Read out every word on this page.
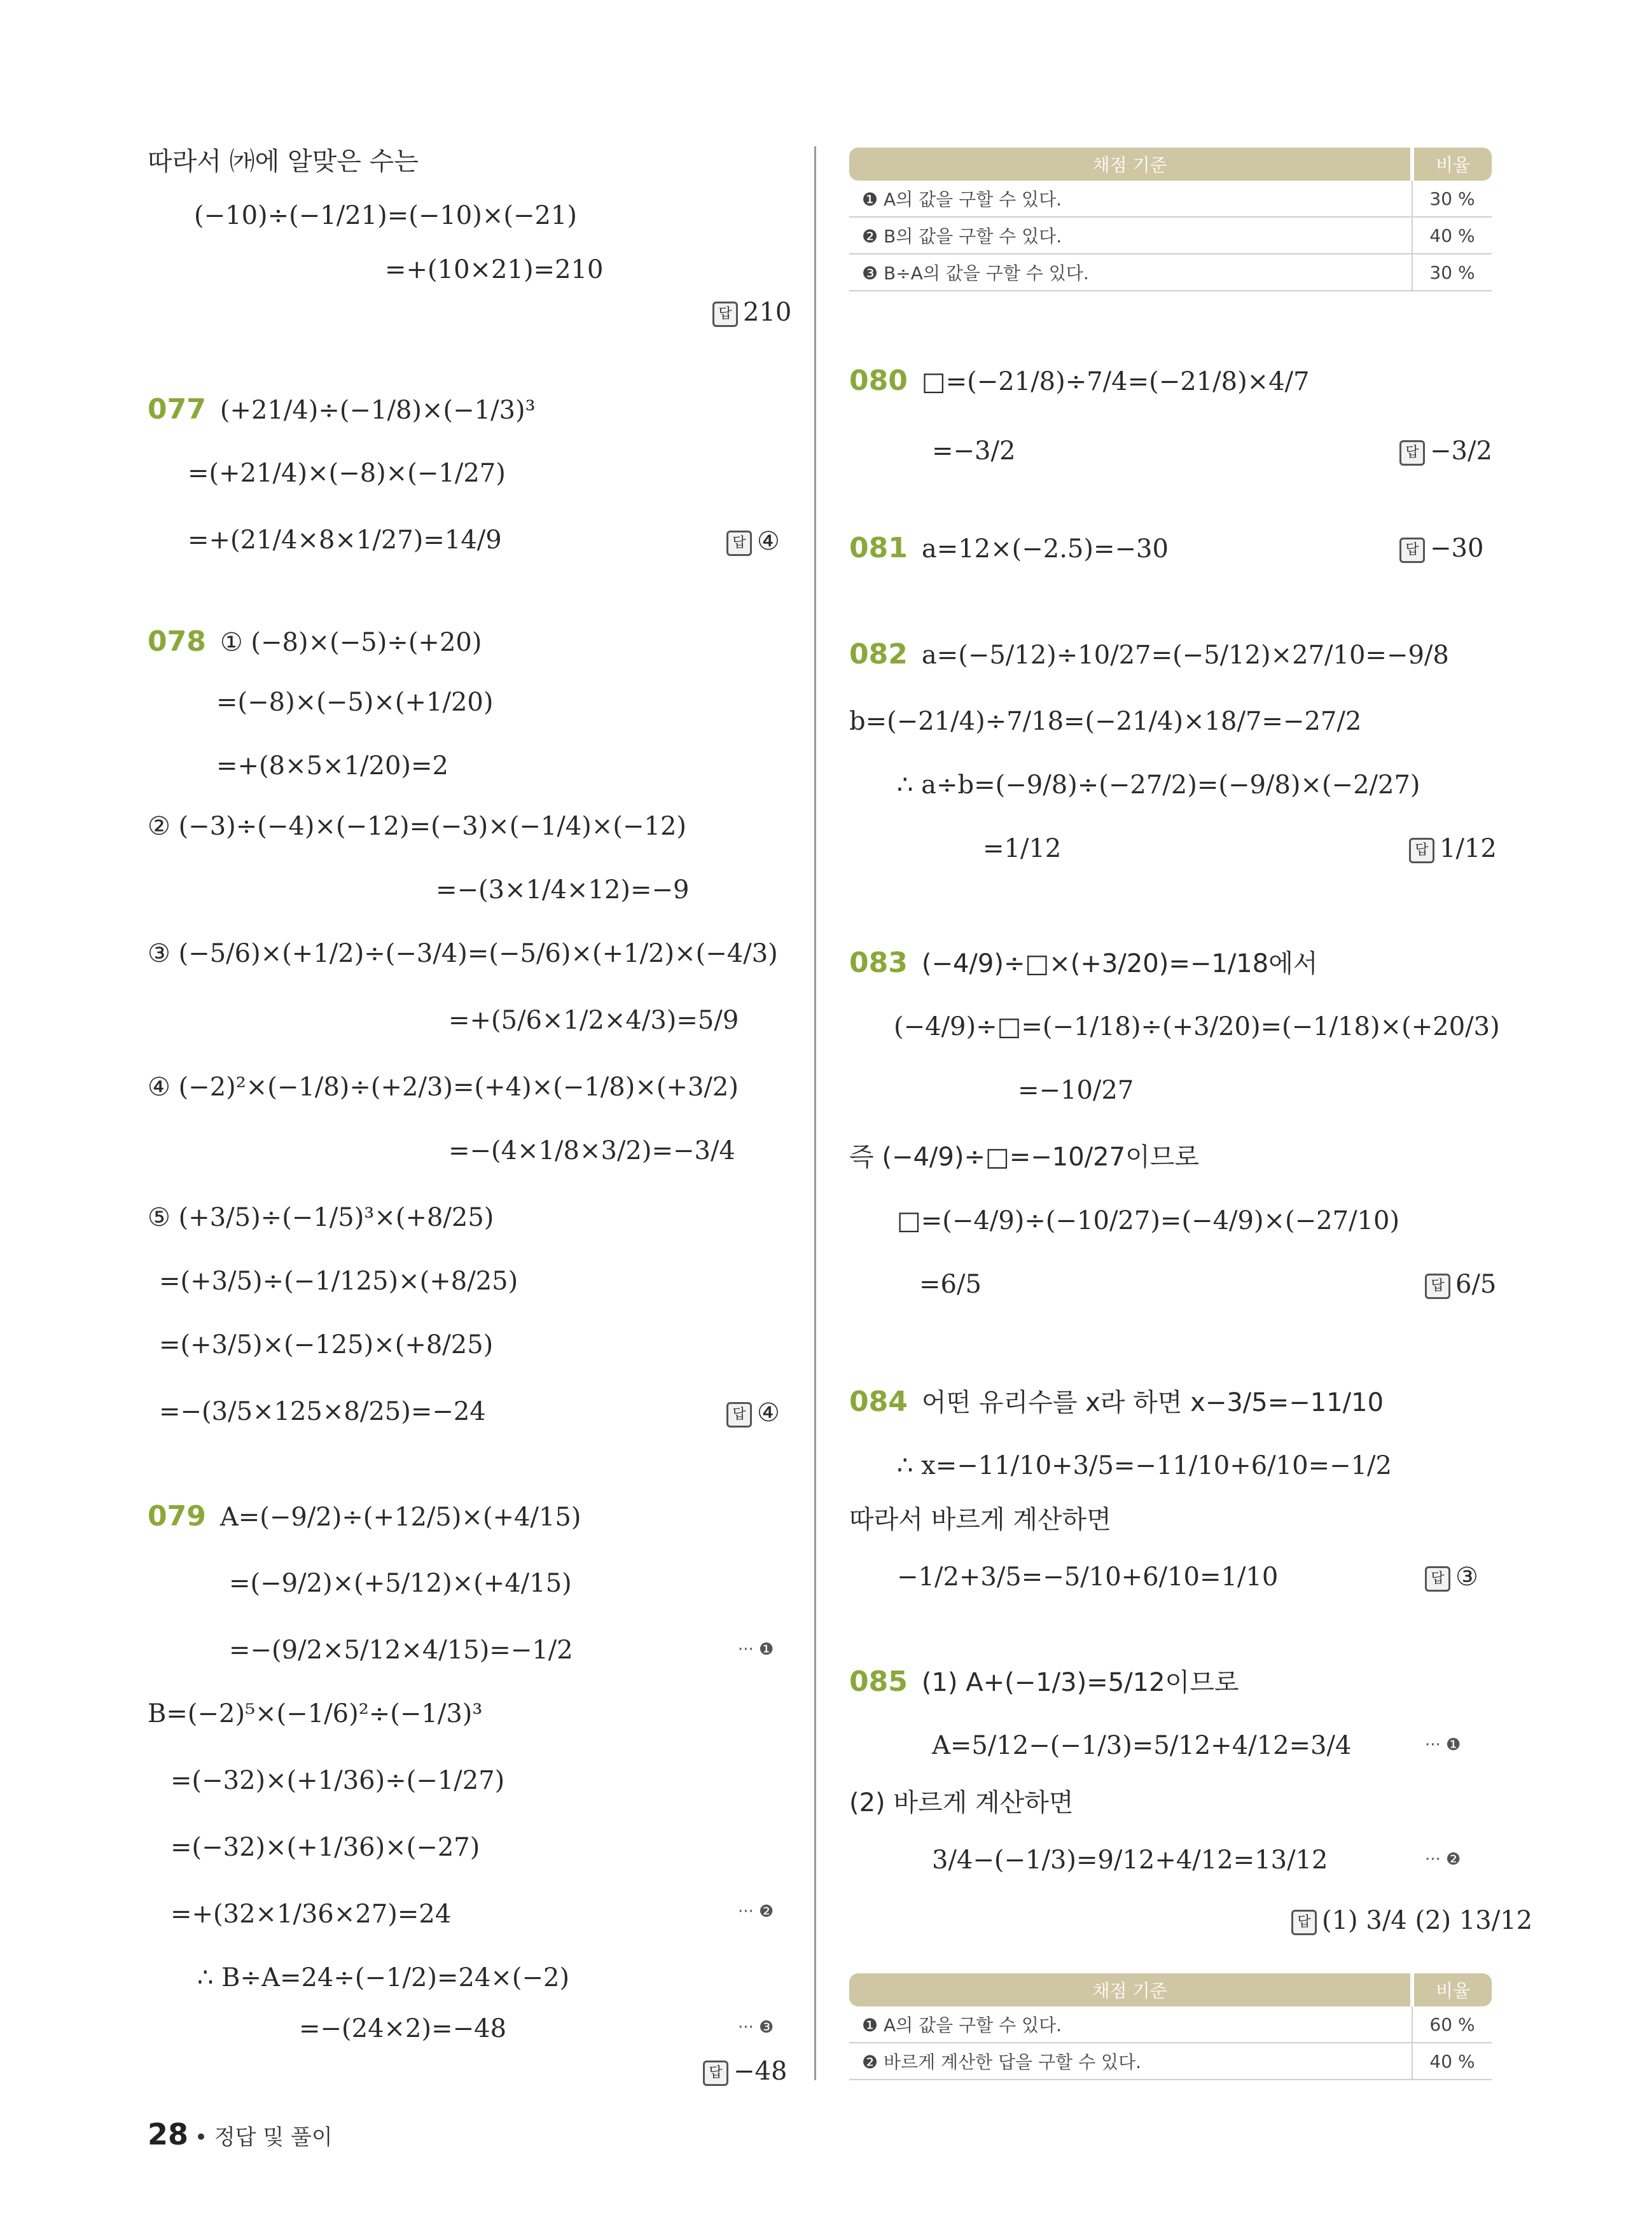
따라서 ㈎에 알맞은 수는
(−10)÷(−1/21)=(−10)×(−21)
=+(10×21)=210
답 210
077 (+21/4)÷(−1/8)×(−1/3)³
=(+21/4)×(−8)×(−1/27)
=+(21/4×8×1/27)=14/9	답 ④
078 ① (−8)×(−5)÷(+20)
=(−8)×(−5)×(+1/20)
=+(8×5×1/20)=2
② (−3)÷(−4)×(−12)=(−3)×(−1/4)×(−12)
=−(3×1/4×12)=−9
③ (−5/6)×(+1/2)÷(−3/4)=(−5/6)×(+1/2)×(−4/3)
=+(5/6×1/2×4/3)=5/9
④ (−2)²×(−1/8)÷(+2/3)=(+4)×(−1/8)×(+3/2)
=−(4×1/8×3/2)=−3/4
⑤ (+3/5)÷(−1/5)³×(+8/25)
=(+3/5)÷(−1/125)×(+8/25)
=(+3/5)×(−125)×(+8/25)
=−(3/5×125×8/25)=−24	답 ④
079 A=(−9/2)÷(+12/5)×(+4/15)
=(−9/2)×(+5/12)×(+4/15)
=−(9/2×5/12×4/15)=−1/2	··· ❶
B=(−2)⁵×(−1/6)²÷(−1/3)³
=(−32)×(+1/36)÷(−1/27)
=(−32)×(+1/36)×(−27)
=+(32×1/36×27)=24	··· ❷
∴ B÷A=24÷(−1/2)=24×(−2)
=−(24×2)=−48	··· ❸
답 −48
채점 기준	비율
❶ A의 값을 구할 수 있다.	30 %
❷ B의 값을 구할 수 있다.	40 %
❸ B÷A의 값을 구할 수 있다.	30 %
080 □=(−21/8)÷7/4=(−21/8)×4/7
=−3/2	답 −3/2
081 a=12×(−2.5)=−30	답 −30
082 a=(−5/12)÷10/27=(−5/12)×27/10=−9/8
b=(−21/4)÷7/18=(−21/4)×18/7=−27/2
∴ a÷b=(−9/8)÷(−27/2)=(−9/8)×(−2/27)
=1/12	답 1/12
083 (−4/9)÷□×(+3/20)=−1/18에서
(−4/9)÷□=(−1/18)÷(+3/20)=(−1/18)×(+20/3)
=−10/27
즉 (−4/9)÷□=−10/27이므로
□=(−4/9)÷(−10/27)=(−4/9)×(−27/10)
=6/5	답 6/5
084 어떤 유리수를 x라 하면 x−3/5=−11/10
∴ x=−11/10+3/5=−11/10+6/10=−1/2
따라서 바르게 계산하면
−1/2+3/5=−5/10+6/10=1/10	답 ③
085 (1) A+(−1/3)=5/12이므로
A=5/12−(−1/3)=5/12+4/12=3/4	··· ❶
(2) 바르게 계산하면
3/4−(−1/3)=9/12+4/12=13/12	··· ❷
답 (1) 3/4 (2) 13/12
채점 기준	비율
❶ A의 값을 구할 수 있다.	60 %
❷ 바르게 계산한 답을 구할 수 있다.	40 %
28 • 정답 및 풀이
